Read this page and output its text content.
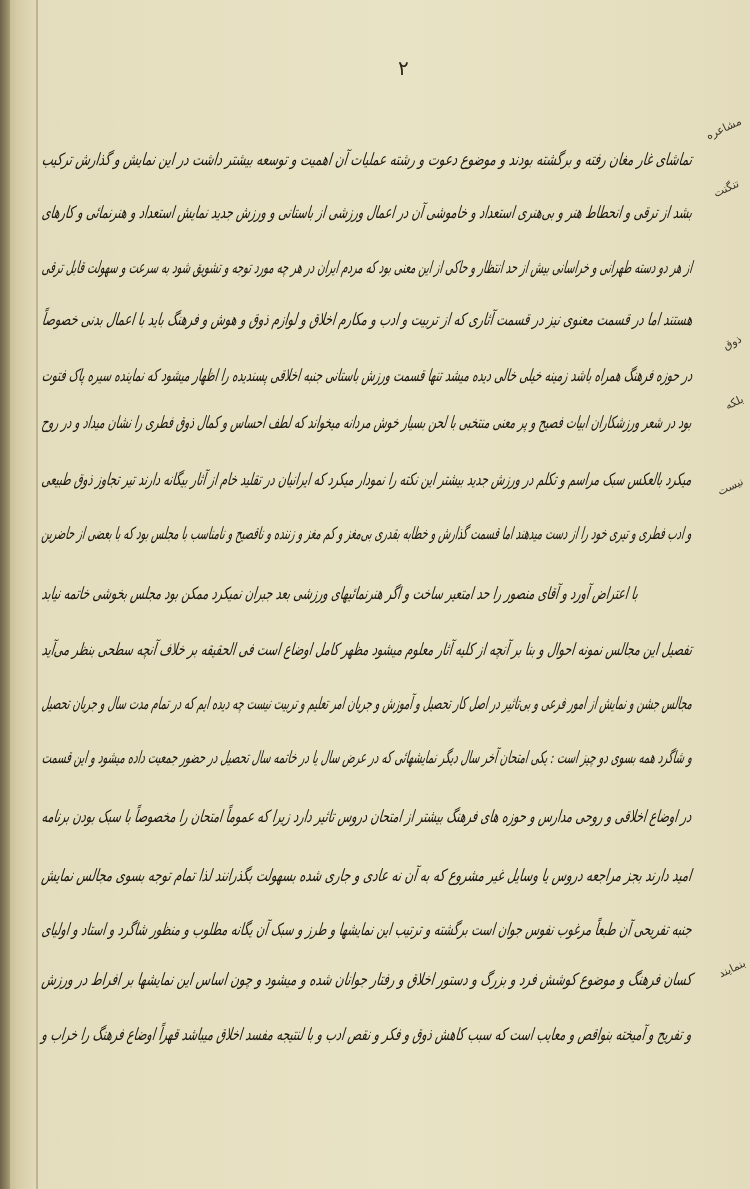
۲
تماشای غار مغان رفته و برگشته بودند و موضوع دعوت و رشته عملیات آن اهمیت و توسعه بیشتر داشت در این نمایش و گذارش ترکیب
بشد از ترقی و انحطاط هنر و بی‌هنری استعداد و خاموشی آن در اعمال ورزشی از باستانی و ورزش جدید نمایش استعداد و هنرنمائی و کارهای
از هر دو دسته طهرانی و خراسانی بیش از حد انتظار و حاکی از این معنی بود که مردم ایران در هر چه مورد توجه و تشویق شود به سرعت و سهولت قابل ترقی
هستند اما در قسمت معنوی نیز در قسمت آثاری که از تربیت و ادب و مکارم اخلاق و لوازم ذوق و هوش و فرهنگ باید با اعمال بدنی خصوصاً
در حوزه فرهنگ همراه باشد زمینه خیلی خالی دیده میشد تنها قسمت ورزش باستانی جنبه اخلاقی پسندیده را اظهار میشود که نماینده سیره پاک فتوت
بود در شعر ورزشکاران ابیات فصیح و پر معنی منتخبی با لحن بسیار خوش مردانه میخواند که لطف احساس و کمال ذوق فطری را نشان میداد و در روح
میکرد بالعکس سبک مراسم و تکلم در ورزش جدید بیشتر این نکته را نمودار میکرد که ایرانیان در تقلید خام از آثار بیگانه دارند تیر تجاوز ذوق طبیعی
و ادب فطری و تیری خود را از دست میدهند اما قسمت گذارش و خطابه بقدری بی‌مغز و کم مغز و زننده و ناقصیح و نامناسب با مجلس بود که با بعضی از حاضرین
با اعتراض آورد و آقای منصور را حد امتعیر ساخت و اگر هنرنمائیهای ورزشی بعد جبران نمیکرد ممکن بود مجلس بخوشی خاتمه نیابد
تفصیل این مجالس نمونه احوال و بنا بر آنچه از کلیه آثار معلوم میشود مظهر کامل اوضاع است فی الحقیقه بر خلاف آنچه سطحی بنظر می‌آید
مجالس جشن و نمایش از امور فرعی و بی‌تاثیر در اصل کار تحصیل و آموزش و جریان امر تعلیم و تربیت نیست چه دیده ایم که در تمام مدت سال و جریان تحصیل
و شاگرد همه بسوی دو چیز است : یکی امتحان آخر سال دیگر نمایشهائی که در عرض سال یا در خاتمه سال تحصیل در حضور جمعیت داده میشود و این قسمت
در اوضاع اخلاقی و روحی مدارس و حوزه های فرهنگ بیشتر از امتحان دروس تاثیر دارد زیرا که عموماً امتحان را مخصوصاً با سبک بودن برنامه
امید دارند بجز مراجعه دروس یا وسایل غیر مشروع که به آن نه عادی و جاری شده بسهولت بگذرانند لذا تمام توجه بسوی مجالس نمایش
جنبه تفریحی آن طبعاً مرغوب نفوس جوان است برگشته و ترتیب این نمایشها و طرز و سبک آن یگانه مطلوب و منظور شاگرد و استاد و اولیای
کسان فرهنگ و موضوع کوشش فرد و بزرگ و دستور اخلاق و رفتار جوانان شده و میشود و چون اساس این نمایشها بر افراط در ورزش
و تفریح و آمیخته بنواقص و معایب است که سبب کاهش ذوق و فکر و نقص ادب و با لنتیجه مفسد اخلاق میباشد قهراً اوضاع فرهنگ را خراب و
مشاعره
تنگنت
ذوق
بلکه
نیست
بنمایند
